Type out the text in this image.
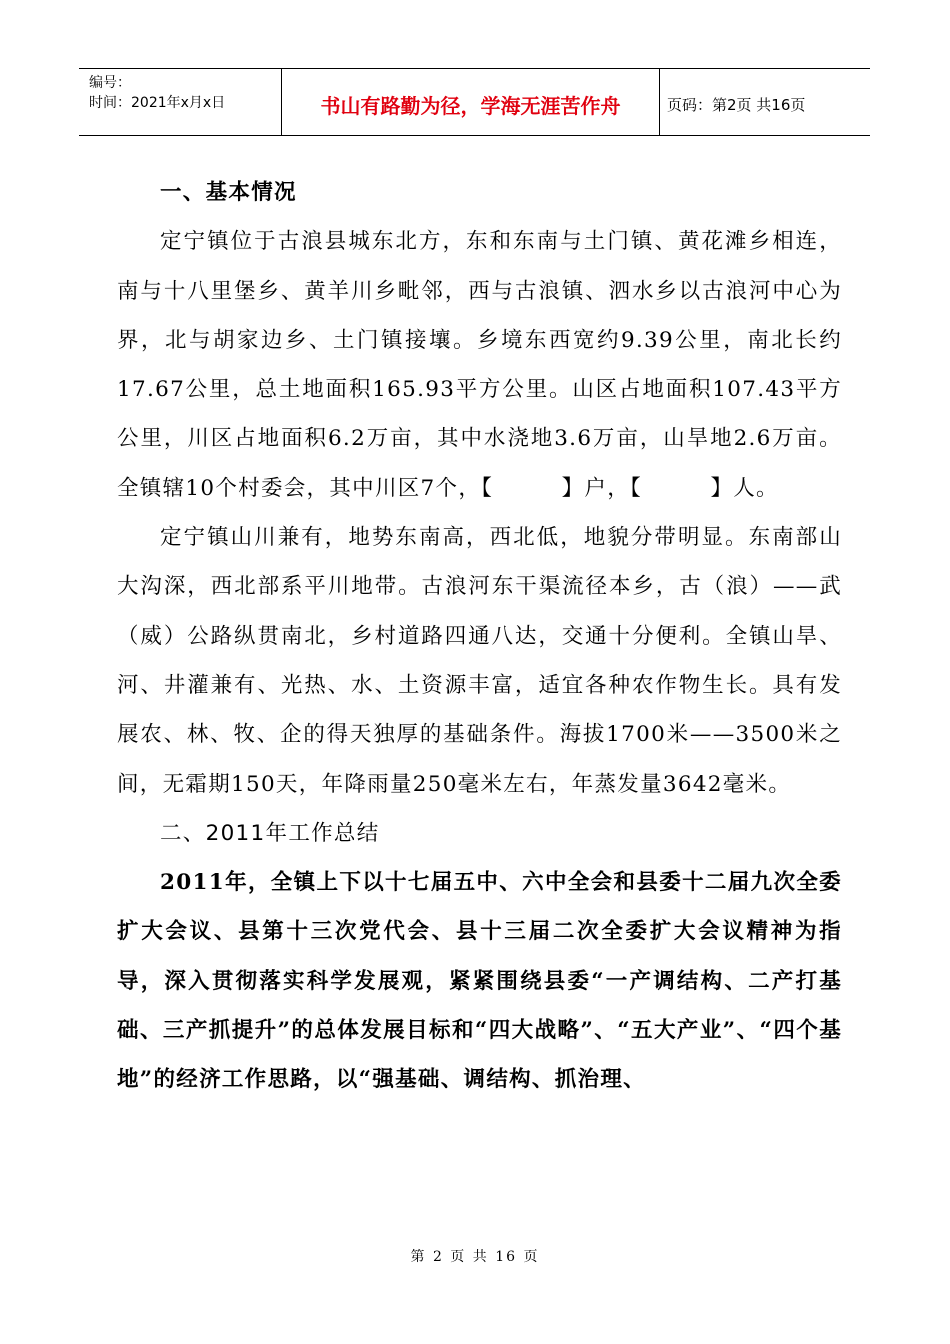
编号：
时间：2021年x月x日	书山有路勤为径，学海无涯苦作舟	页码：第2页 共16页
一、基本情况

定宁镇位于古浪县城东北方，东和东南与土门镇、黄花滩乡相连，南与十八里堡乡、黄羊川乡毗邻，西与古浪镇、泗水乡以古浪河中心为界，北与胡家边乡、土门镇接壤。乡境东西宽约9.39公里，南北长约17.67公里，总土地面积165.93平方公里。山区占地面积107.43平方公里，川区占地面积6.2万亩，其中水浇地3.6万亩，山旱地2.6万亩。全镇辖10个村委会，其中川区7个，【　　　】户，【　　　】人。

定宁镇山川兼有，地势东南高，西北低，地貌分带明显。东南部山大沟深，西北部系平川地带。古浪河东干渠流径本乡，古（浪）——武（威）公路纵贯南北，乡村道路四通八达，交通十分便利。全镇山旱、河、井灌兼有、光热、水、土资源丰富，适宜各种农作物生长。具有发展农、林、牧、企的得天独厚的基础条件。海拔1700米——3500米之间，无霜期150天，年降雨量250毫米左右，年蒸发量3642毫米。

二、2011年工作总结

2011年，全镇上下以十七届五中、六中全会和县委十二届九次全委扩大会议、县第十三次党代会、县十三届二次全委扩大会议精神为指导，深入贯彻落实科学发展观，紧紧围绕县委“一产调结构、二产打基础、三产抓提升”的总体发展目标和“四大战略”、“五大产业”、“四个基地”的经济工作思路，以“强基础、调结构、抓治理、

第 2 页 共 16 页
